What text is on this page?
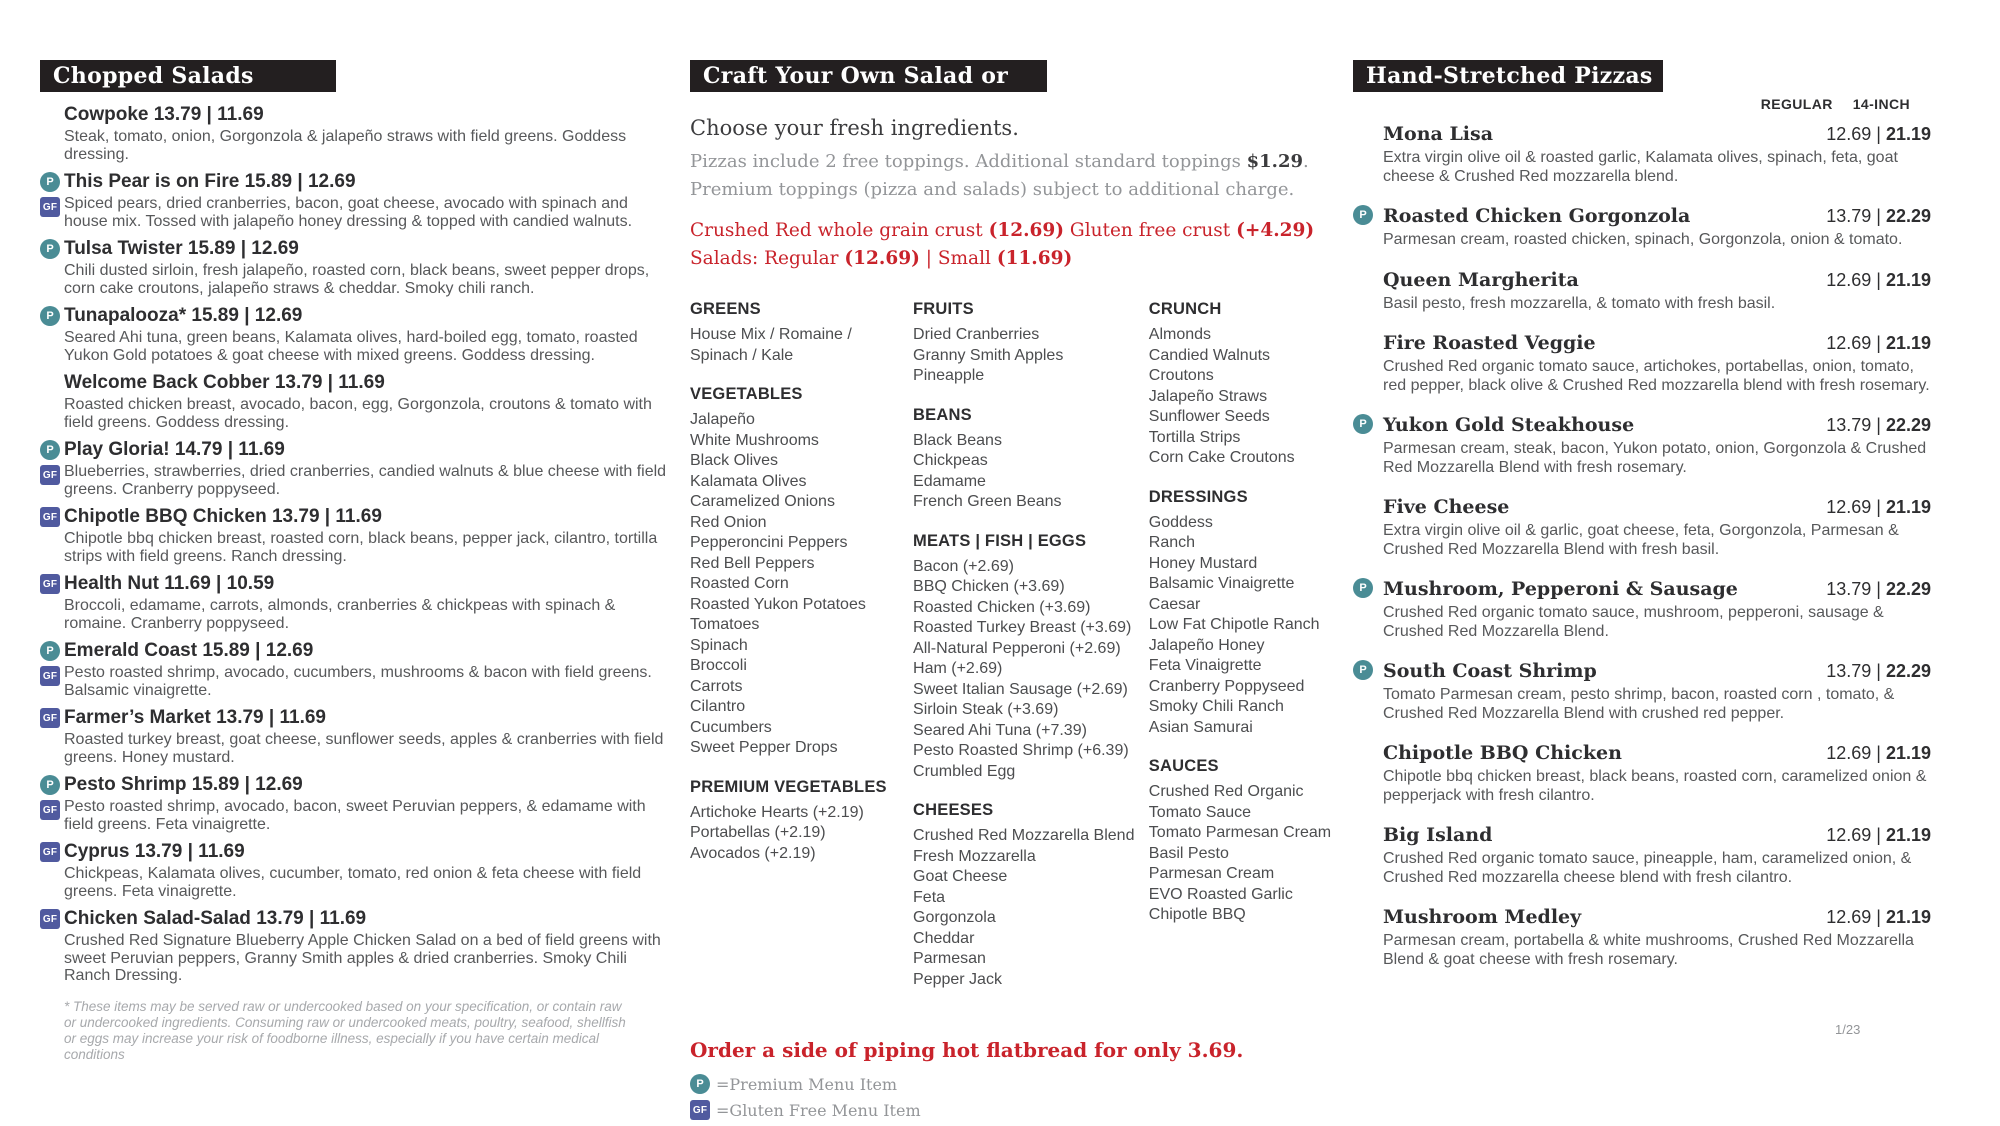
Chopped Salads
Cowpoke 13.79 | 11.69
Steak, tomato, onion, Gorgonzola & jalapeño straws with field greens. Goddess dressing.
P
GF
This Pear is on Fire 15.89 | 12.69
Spiced pears, dried cranberries, bacon, goat cheese, avocado with spinach and house mix. Tossed with jalapeño honey dressing & topped with candied walnuts.
P Tulsa Twister 15.89 | 12.69
Chili dusted sirloin, fresh jalapeño, roasted corn, black beans, sweet pepper drops, corn cake croutons, jalapeño straws & cheddar. Smoky chili ranch.
P Tunapalooza* 15.89 | 12.69
Seared Ahi tuna, green beans, Kalamata olives, hard-boiled egg, tomato, roasted Yukon Gold potatoes & goat cheese with mixed greens. Goddess dressing.
Welcome Back Cobber 13.79 | 11.69
Roasted chicken breast, avocado, bacon, egg, Gorgonzola, croutons & tomato with field greens. Goddess dressing.
P
GF
Play Gloria! 14.79 | 11.69
Blueberries, strawberries, dried cranberries, candied walnuts & blue cheese with field greens. Cranberry poppyseed.
GF Chipotle BBQ Chicken 13.79 | 11.69
Chipotle bbq chicken breast, roasted corn, black beans, pepper jack, cilantro, tortilla strips with field greens. Ranch dressing.
GF Health Nut 11.69 | 10.59
Broccoli, edamame, carrots, almonds, cranberries & chickpeas with spinach & romaine. Cranberry poppyseed.
P
GF
Emerald Coast 15.89 | 12.69
Pesto roasted shrimp, avocado, cucumbers, mushrooms & bacon with field greens. Balsamic vinaigrette.
GF Farmer’s Market 13.79 | 11.69
Roasted turkey breast, goat cheese, sunflower seeds, apples & cranberries with field greens. Honey mustard.
P
GF
Pesto Shrimp 15.89 | 12.69
Pesto roasted shrimp, avocado, bacon, sweet Peruvian peppers, & edamame with field greens. Feta vinaigrette.
GF Cyprus 13.79 | 11.69
Chickpeas, Kalamata olives, cucumber, tomato, red onion & feta cheese with field greens. Feta vinaigrette.
GF Chicken Salad-Salad 13.79 | 11.69
Crushed Red Signature Blueberry Apple Chicken Salad on a bed of field greens with sweet Peruvian peppers, Granny Smith apples & dried cranberries. Smoky Chili Ranch Dressing.

* These items may be served raw or undercooked based on your specification, or contain raw or undercooked ingredients. Consuming raw or undercooked meats, poultry, seafood, shellfish or eggs may increase your risk of foodborne illness, especially if you have certain medical conditions

Craft Your Own Salad or Pizza
Choose your fresh ingredients.

Pizzas include 2 free toppings. Additional standard toppings $1.29.

Premium toppings (pizza and salads) subject to additional charge.

Crushed Red whole grain crust (12.69) Gluten free crust (+4.29)
Salads: Regular (12.69) | Small (11.69)
GREENS
House Mix / Romaine / Spinach / Kale
VEGETABLES
Jalapeño
White Mushrooms
Black Olives
Kalamata Olives
Caramelized Onions
Red Onion
Pepperoncini Peppers
Red Bell Peppers
Roasted Corn
Roasted Yukon Potatoes
Tomatoes
Spinach
Broccoli
Carrots
Cilantro
Cucumbers
Sweet Pepper Drops
PREMIUM VEGETABLES
Artichoke Hearts (+2.19)
Portabellas (+2.19)
Avocados (+2.19)
FRUITS
Dried Cranberries
Granny Smith Apples
Pineapple
BEANS
Black Beans
Chickpeas
Edamame
French Green Beans
MEATS | FISH | EGGS
Bacon (+2.69)
BBQ Chicken (+3.69)
Roasted Chicken (+3.69)
Roasted Turkey Breast (+3.69)
All-Natural Pepperoni (+2.69)
Ham (+2.69)
Sweet Italian Sausage (+2.69)
Sirloin Steak (+3.69)
Seared Ahi Tuna (+7.39)
Pesto Roasted Shrimp (+6.39)
Crumbled Egg
CHEESES
Crushed Red Mozzarella Blend
Fresh Mozzarella
Goat Cheese
Feta
Gorgonzola
Cheddar
Parmesan
Pepper Jack
CRUNCH
Almonds
Candied Walnuts
Croutons
Jalapeño Straws
Sunflower Seeds
Tortilla Strips
Corn Cake Croutons
DRESSINGS
Goddess
Ranch
Honey Mustard
Balsamic Vinaigrette
Caesar
Low Fat Chipotle Ranch
Jalapeño Honey
Feta Vinaigrette
Cranberry Poppyseed
Smoky Chili Ranch
Asian Samurai
SAUCES
Crushed Red Organic Tomato Sauce
Tomato Parmesan Cream
Basil Pesto
Parmesan Cream
EVO Roasted Garlic
Chipotle BBQ
Order a side of piping hot flatbread for only 3.69.
P =Premium Menu Item
GF =Gluten Free Menu Item
Hand-Stretched Pizzas
REGULAR 14-INCH
Mona Lisa	12.69 | 21.19
Extra virgin olive oil & roasted garlic, Kalamata olives, spinach, feta, goat cheese & Crushed Red mozzarella blend.
P Roasted Chicken Gorgonzola	13.79 | 22.29
Parmesan cream, roasted chicken, spinach, Gorgonzola, onion & tomato.
Queen Margherita	12.69 | 21.19
Basil pesto, fresh mozzarella, & tomato with fresh basil.
Fire Roasted Veggie	12.69 | 21.19
Crushed Red organic tomato sauce, artichokes, portabellas, onion, tomato, red pepper, black olive & Crushed Red mozzarella blend with fresh rosemary.
P Yukon Gold Steakhouse	13.79 | 22.29
Parmesan cream, steak, bacon, Yukon potato, onion, Gorgonzola & Crushed Red Mozzarella Blend with fresh rosemary.
Five Cheese	12.69 | 21.19
Extra virgin olive oil & garlic, goat cheese, feta, Gorgonzola, Parmesan & Crushed Red Mozzarella Blend with fresh basil.
P Mushroom, Pepperoni & Sausage	13.79 | 22.29
Crushed Red organic tomato sauce, mushroom, pepperoni, sausage & Crushed Red Mozzarella Blend.
P South Coast Shrimp	13.79 | 22.29
Tomato Parmesan cream, pesto shrimp, bacon, roasted corn , tomato, & Crushed Red Mozzarella Blend with crushed red pepper.
Chipotle BBQ Chicken	12.69 | 21.19
Chipotle bbq chicken breast, black beans, roasted corn, caramelized onion & pepperjack with fresh cilantro.
Big Island	12.69 | 21.19
Crushed Red organic tomato sauce, pineapple, ham, caramelized onion, & Crushed Red mozzarella cheese blend with fresh cilantro.
Mushroom Medley	12.69 | 21.19
Parmesan cream, portabella & white mushrooms, Crushed Red Mozzarella Blend & goat cheese with fresh rosemary.
1/23
